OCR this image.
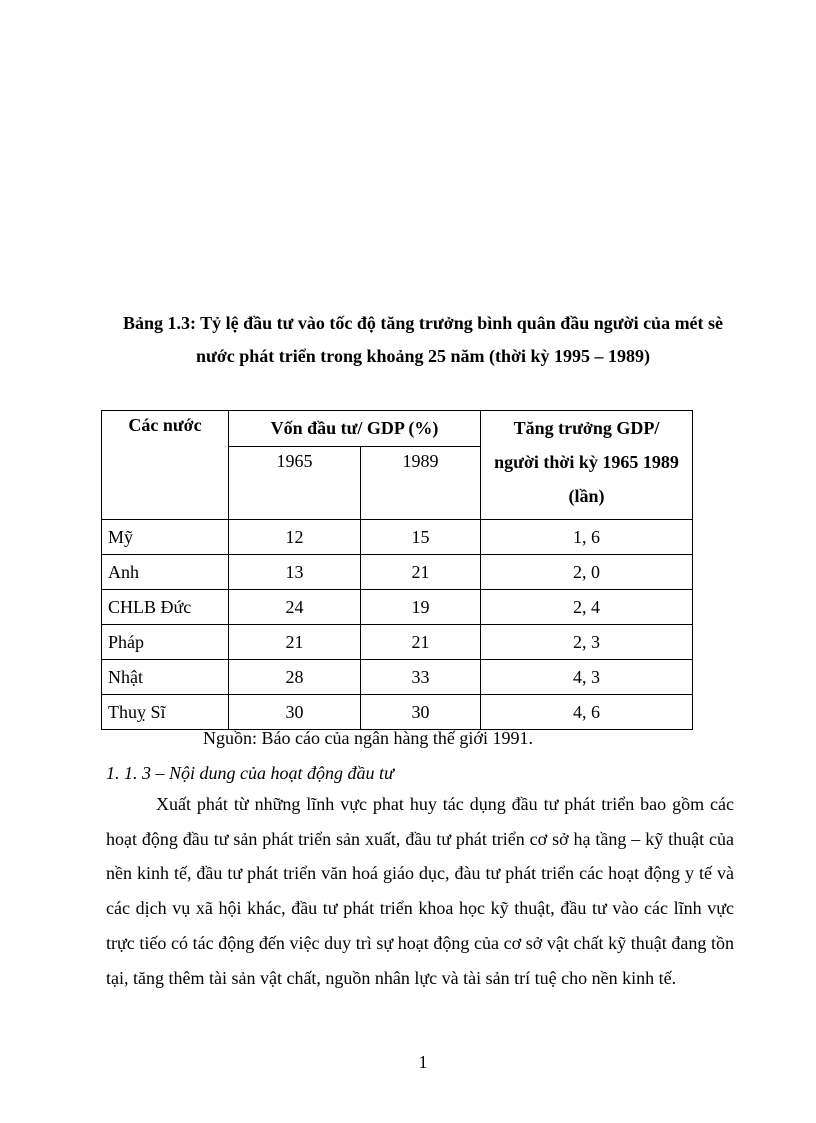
Bảng 1.3: Tỷ lệ đầu tư vào tốc độ tăng trưởng bình quân đầu người của mét sè
nước phát triển trong khoảng 25 năm (thời kỳ 1995 – 1989)
Các nước	Vốn đầu tư/ GDP (%)		Tăng trưởng GDP/
người thời kỳ 1965 1989
(lần)

	1965	1989	
Mỹ	12	15	1, 6
Anh	13	21	2, 0
CHLB Đức	24	19	2, 4
Pháp	21	21	2, 3
Nhật	28	33	4, 3
Thuỵ Sĩ	30	30	4, 6
Nguồn: Báo cáo của ngân hàng thế giới 1991.
1. 1. 3 – Nội dung của hoạt động đầu tư

Xuất phát từ những lĩnh vực phat huy tác dụng đầu tư phát triển bao gồm các hoạt động đầu tư sản phát triển sản xuất, đầu tư phát triển cơ sở hạ tầng – kỹ thuật của nền kinh tế, đầu tư phát triển văn hoá giáo dục, đàu tư phát triển các hoạt động y tế và các dịch vụ xã hội khác, đầu tư phát triển khoa học kỹ thuật, đầu tư vào các lĩnh vực trực tiếo có tác động đến việc duy trì sự hoạt động của cơ sở vật chất kỹ thuật đang tồn tại, tăng thêm tài sản vật chất, nguồn nhân lực và tài sản trí tuệ cho nền kinh tế.

1
